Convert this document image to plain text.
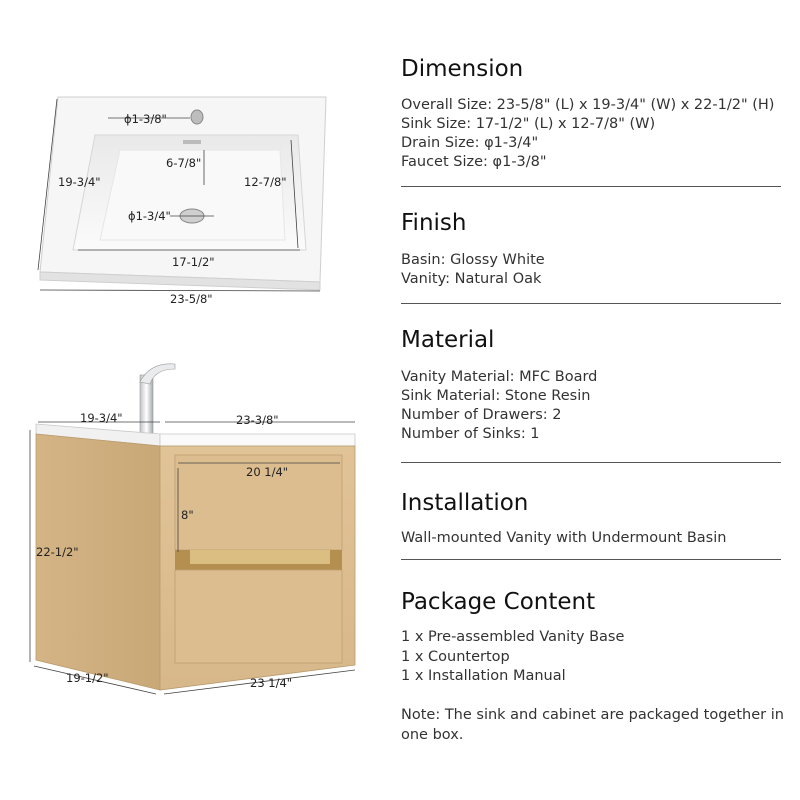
ϕ1-3/8"
6-7/8"
ϕ1-3/4"
19-3/4"	12-7/8"
17-1/2"
23-5/8"
19-3/4"	23-3/8"
20 1/4"
8"
22-1/2"
19-1/2"	23 1/4"
Dimension
Overall Size: 23-5/8" (L) x 19-3/4" (W) x 22-1/2" (H)
Sink Size: 17-1/2" (L) x 12-7/8" (W)
Drain Size: φ1-3/4"
Faucet Size: φ1-3/8"
Finish
Basin: Glossy White
Vanity: Natural Oak
Material
Vanity Material: MFC Board
Sink Material: Stone Resin
Number of Drawers: 2
Number of Sinks: 1
Installation
Wall-mounted Vanity with Undermount Basin
Package Content
1 x Pre-assembled Vanity Base
1 x Countertop
1 x Installation Manual
Note: The sink and cabinet are packaged together in one box.
